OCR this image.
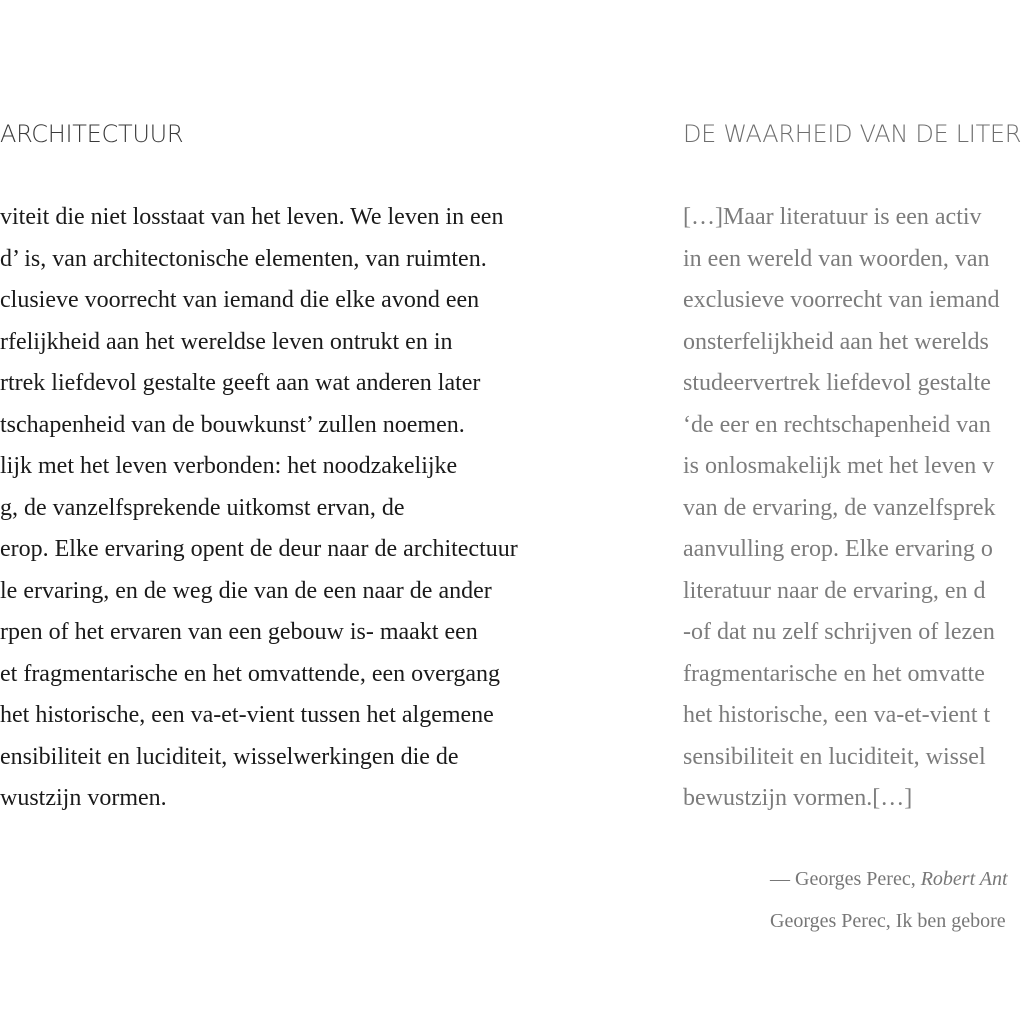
ARCHITECTUUR
viteit die niet losstaat van het leven. We leven in een
d’ is, van architectonische elementen, van ruimten.
clusieve voorrecht van iemand die elke avond een
rfelijkheid aan het wereldse leven ontrukt en in
rtrek liefdevol gestalte geeft aan wat anderen later
tschapenheid van de bouwkunst’ zullen noemen.
lijk met het leven verbonden: het noodzakelijke
g, de vanzelfsprekende uitkomst ervan, de
erop. Elke ervaring opent de deur naar de architectuur
le ervaring, en de weg die van de een naar de ander
rpen of het ervaren van een gebouw is- maakt een
et fragmentarische en het omvattende, een overgang
het historische, een va-et-vient tussen het algemene
ensibiliteit en luciditeit, wisselwerkingen die de
wustzijn vormen.
DE WAARHEID VAN DE LITER
[…]Maar literatuur is een activ
in een wereld van woorden, van
exclusieve voorrecht van iemand
onsterfelijkheid aan het werelds
studeervertrek liefdevol gestalte
‘de eer en rechtschapenheid van
is onlosmakelijk met het leven v
van de ervaring, de vanzelfsprek
aanvulling erop. Elke ervaring o
literatuur naar de ervaring, en d
-of dat nu zelf schrijven of lezen
fragmentarische en het omvatte
het historische, een va-et-vient t
sensibiliteit en luciditeit, wissel
bewustzijn vormen.[…]
— Georges Perec, Robert Ant
Georges Perec, Ik ben gebore
